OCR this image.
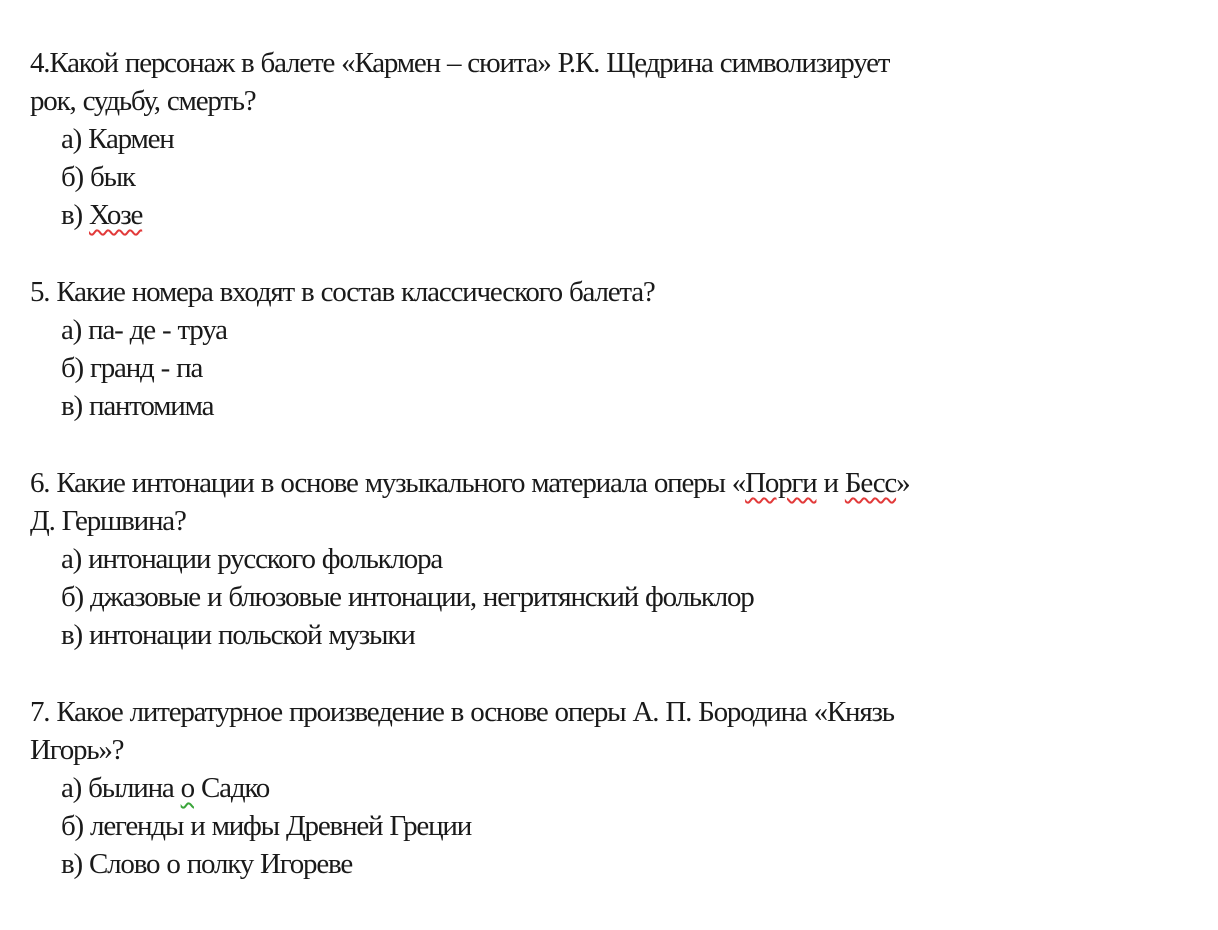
4.Какой персонаж в балете «Кармен – сюита» Р.К. Щедрина символизирует
рок, судьбу, смерть?
а) Кармен
б) бык
в) Хозе
5. Какие номера входят в состав классического балета?
а) па- де - труа
б) гранд - па
в) пантомима
6. Какие интонации в основе музыкального материала оперы «Порги и Бесс»
Д. Гершвина?
а) интонации русского фольклора
б) джазовые и блюзовые интонации, негритянский фольклор
в) интонации польской музыки
7. Какое литературное произведение в основе оперы А. П. Бородина «Князь
Игорь»?
а) былина о Садко
б) легенды и мифы Древней Греции
в) Слово о полку Игореве
